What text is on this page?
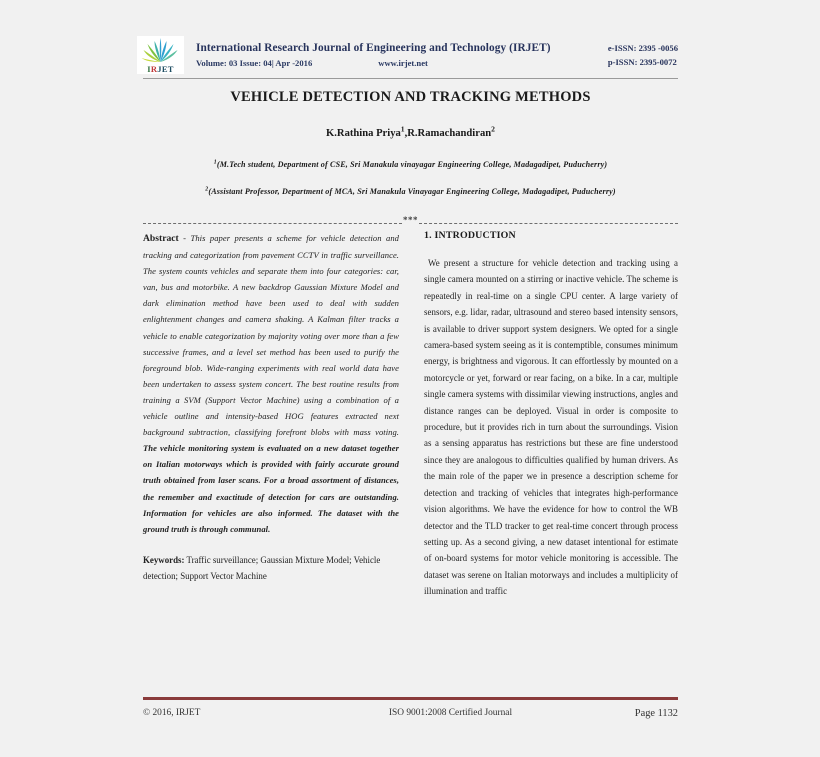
IRJET
International Research Journal of Engineering and Technology (IRJET)
Volume: 03 Issue: 04| Apr -2016	www.irjet.net
e-ISSN: 2395 -0056
p-ISSN: 2395-0072
VEHICLE DETECTION AND TRACKING METHODS
K.Rathina Priya$^1$,R.Ramachandiran$^2$
$^1$(M.Tech student, Department of CSE, Sri Manakula vinayagar Engineering College, Madagadipet, Puducherry)
$^2$(Assistant Professor, Department of MCA, Sri Manakula Vinayagar Engineering College, Madagadipet, Puducherry)
***

Abstract - This paper presents a scheme for vehicle detection and tracking and categorization from pavement CCTV in traffic surveillance. The system counts vehicles and separate them into four categories: car, van, bus and motorbike. A new backdrop Gaussian Mixture Model and dark elimination method have been used to deal with sudden enlightenment changes and camera shaking. A Kalman filter tracks a vehicle to enable categorization by majority voting over more than a few successive frames, and a level set method has been used to purify the foreground blob. Wide-ranging experiments with real world data have been undertaken to assess system concert. The best routine results from training a SVM (Support Vector Machine) using a combination of a vehicle outline and intensity-based HOG features extracted next background subtraction, classifying forefront blobs with mass voting. The vehicle monitoring system is evaluated on a new dataset together on Italian motorways which is provided with fairly accurate ground truth obtained from laser scans. For a broad assortment of distances, the remember and exactitude of detection for cars are outstanding. Information for vehicles are also informed. The dataset with the ground truth is through communal.

Keywords: Traffic surveillance; Gaussian Mixture Model; Vehicle detection; Support Vector Machine
1. INTRODUCTION

We present a structure for vehicle detection and tracking using a single camera mounted on a stirring or inactive vehicle. The scheme is repeatedly in real-time on a single CPU center. A large variety of sensors, e.g. lidar, radar, ultrasound and stereo based intensity sensors, is available to driver support system designers. We opted for a single camera-based system seeing as it is contemptible, consumes minimum energy, is brightness and vigorous. It can effortlessly by mounted on a motorcycle or yet, forward or rear facing, on a bike. In a car, multiple single camera systems with dissimilar viewing instructions, angles and distance ranges can be deployed. Visual in order is composite to procedure, but it provides rich in turn about the surroundings. Vision as a sensing apparatus has restrictions but these are fine understood since they are analogous to difficulties qualified by human drivers. As the main role of the paper we in presence a description scheme for detection and tracking of vehicles that integrates high-performance vision algorithms. We have the evidence for how to control the WB detector and the TLD tracker to get real-time concert through process setting up. As a second giving, a new dataset intentional for estimate of on-board systems for motor vehicle monitoring is accessible. The dataset was serene on Italian motorways and includes a multiplicity of illumination and traffic

© 2016, IRJET	ISO 9001:2008 Certified Journal	Page 1132
